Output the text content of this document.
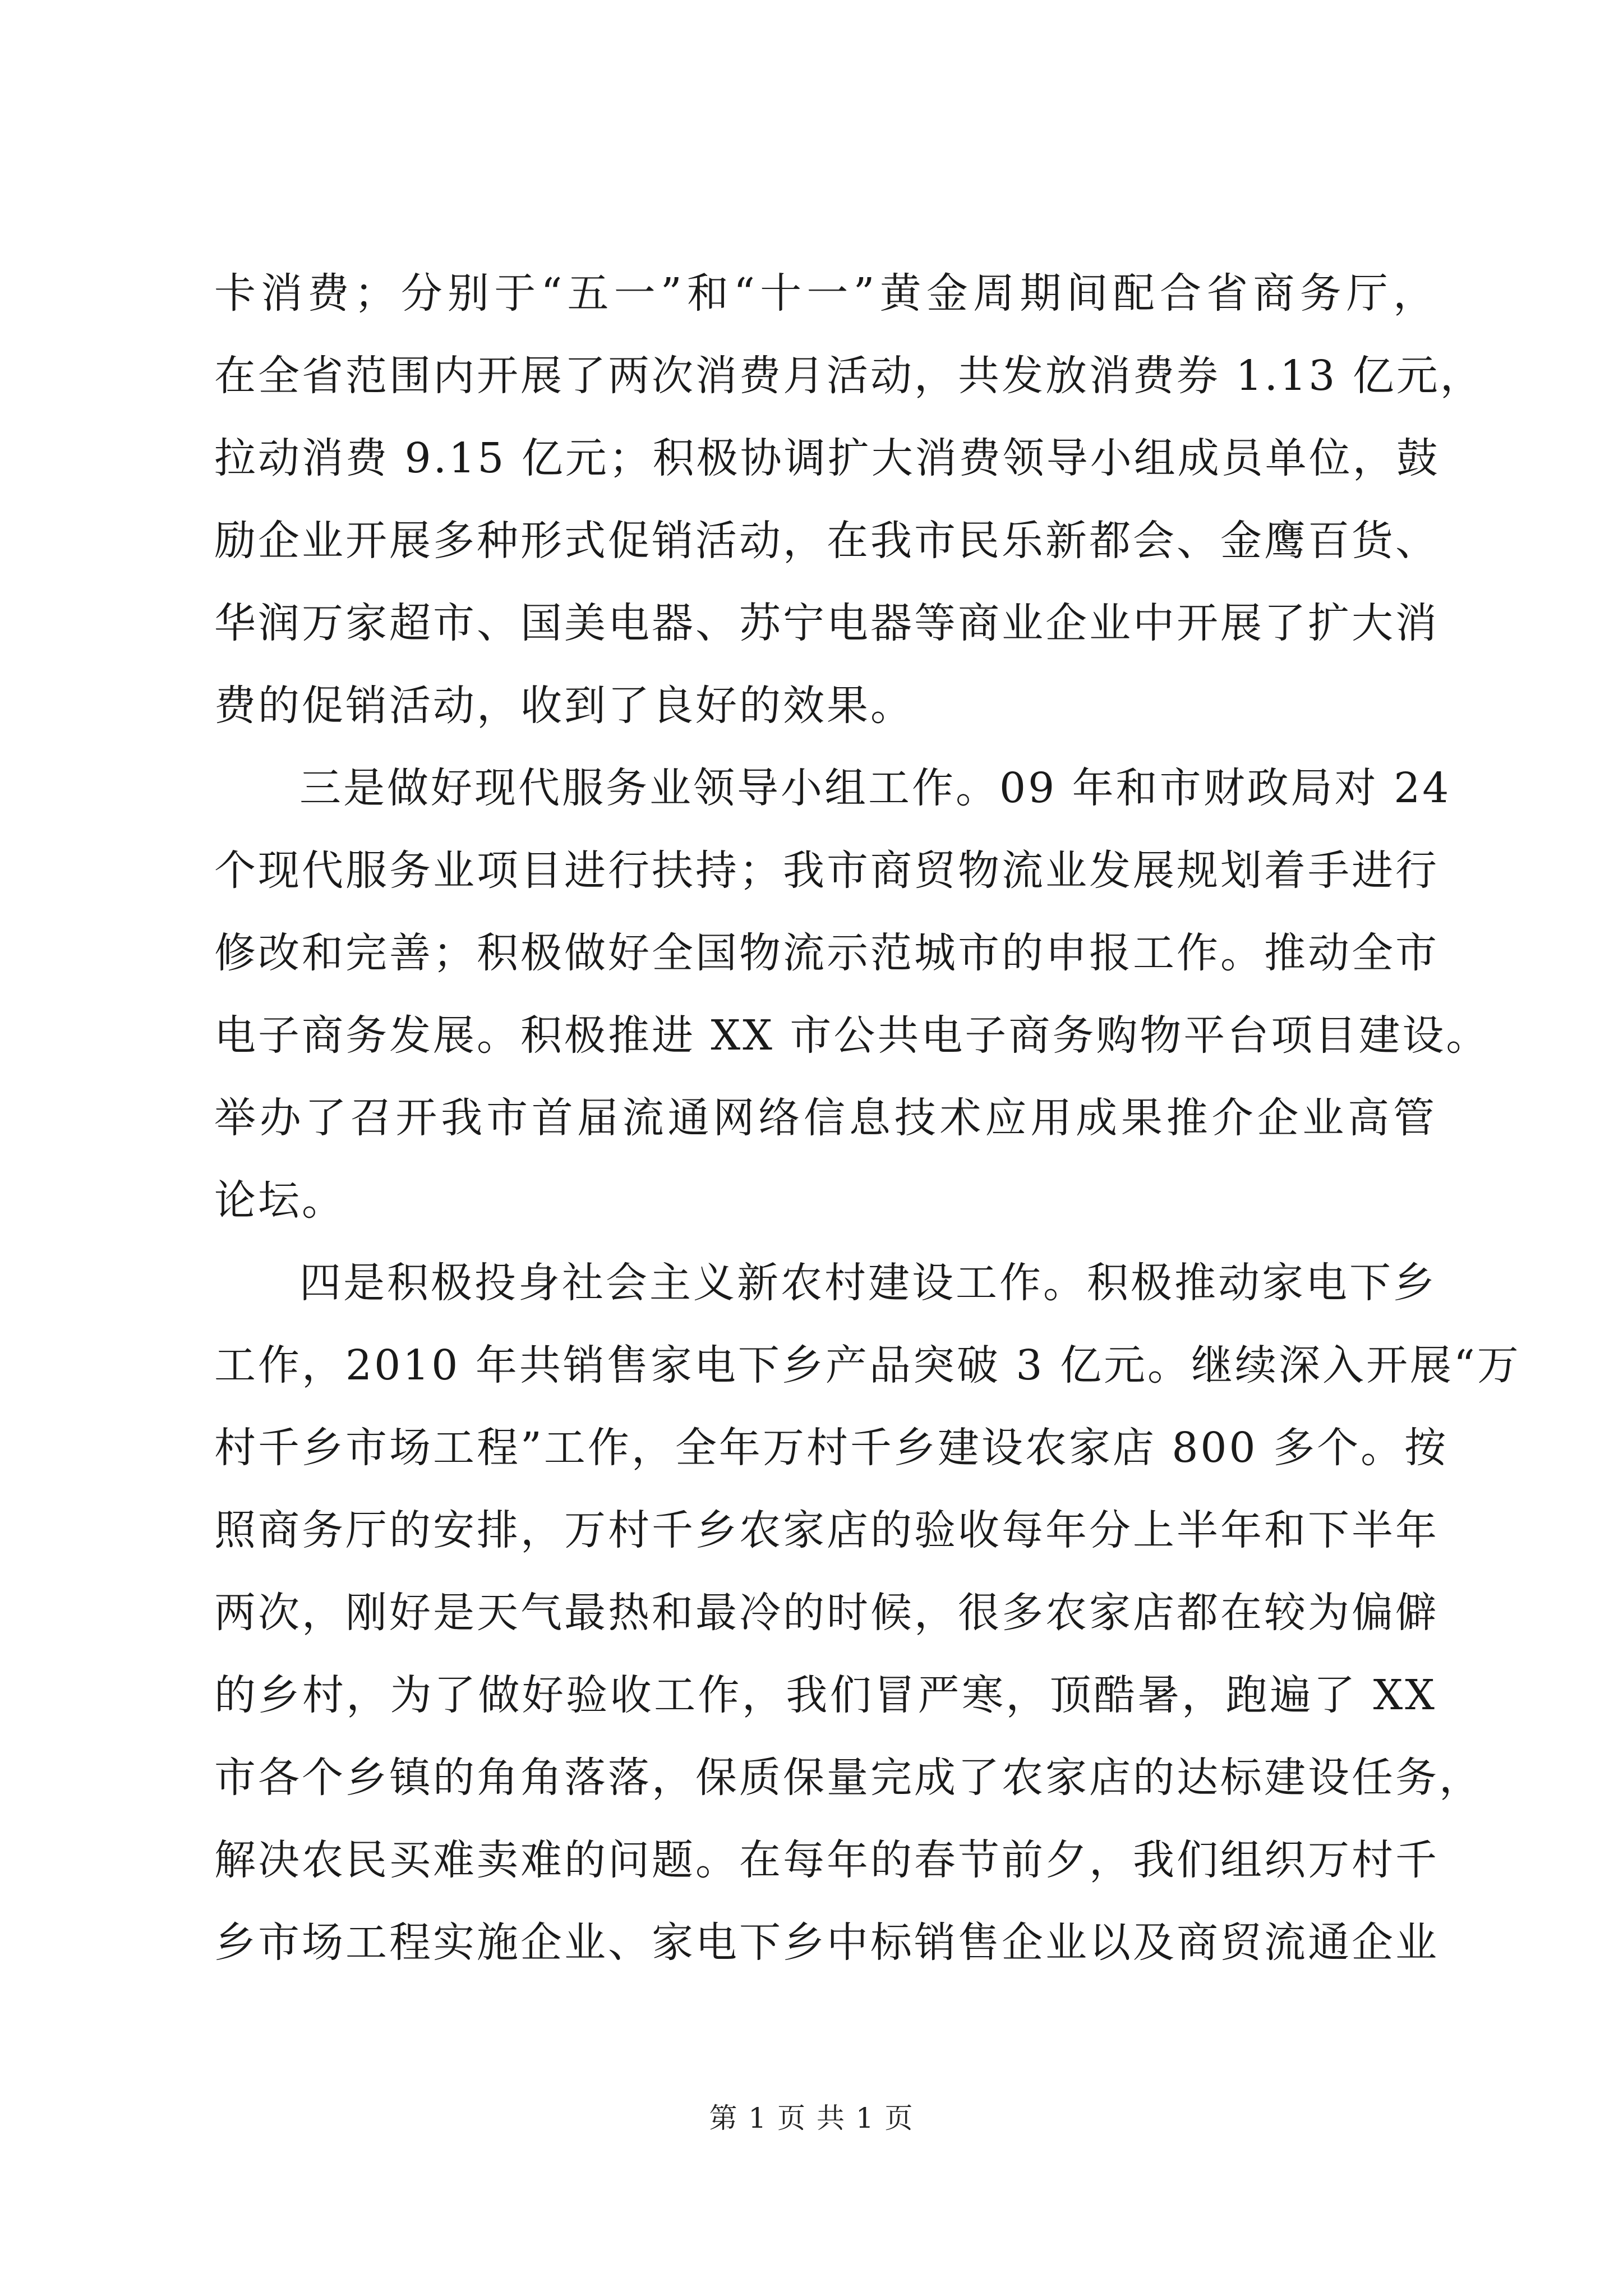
卡消费；分别于“五一”和“十一”黄金周期间配合省商务厅，
在全省范围内开展了两次消费月活动，共发放消费券 1.13 亿元，
拉动消费 9.15 亿元；积极协调扩大消费领导小组成员单位，鼓
励企业开展多种形式促销活动，在我市民乐新都会、金鹰百货、
华润万家超市、国美电器、苏宁电器等商业企业中开展了扩大消
费的促销活动，收到了良好的效果。
三是做好现代服务业领导小组工作。09 年和市财政局对 24
个现代服务业项目进行扶持；我市商贸物流业发展规划着手进行
修改和完善；积极做好全国物流示范城市的申报工作。推动全市
电子商务发展。积极推进 XX 市公共电子商务购物平台项目建设。
举办了召开我市首届流通网络信息技术应用成果推介企业高管
论坛。
四是积极投身社会主义新农村建设工作。积极推动家电下乡
工作，2010 年共销售家电下乡产品突破 3 亿元。继续深入开展“万
村千乡市场工程”工作，全年万村千乡建设农家店 800 多个。按
照商务厅的安排，万村千乡农家店的验收每年分上半年和下半年
两次，刚好是天气最热和最冷的时候，很多农家店都在较为偏僻
的乡村，为了做好验收工作，我们冒严寒，顶酷暑，跑遍了 XX
市各个乡镇的角角落落，保质保量完成了农家店的达标建设任务，
解决农民买难卖难的问题。在每年的春节前夕，我们组织万村千
乡市场工程实施企业、家电下乡中标销售企业以及商贸流通企业
第 1 页 共 1 页
